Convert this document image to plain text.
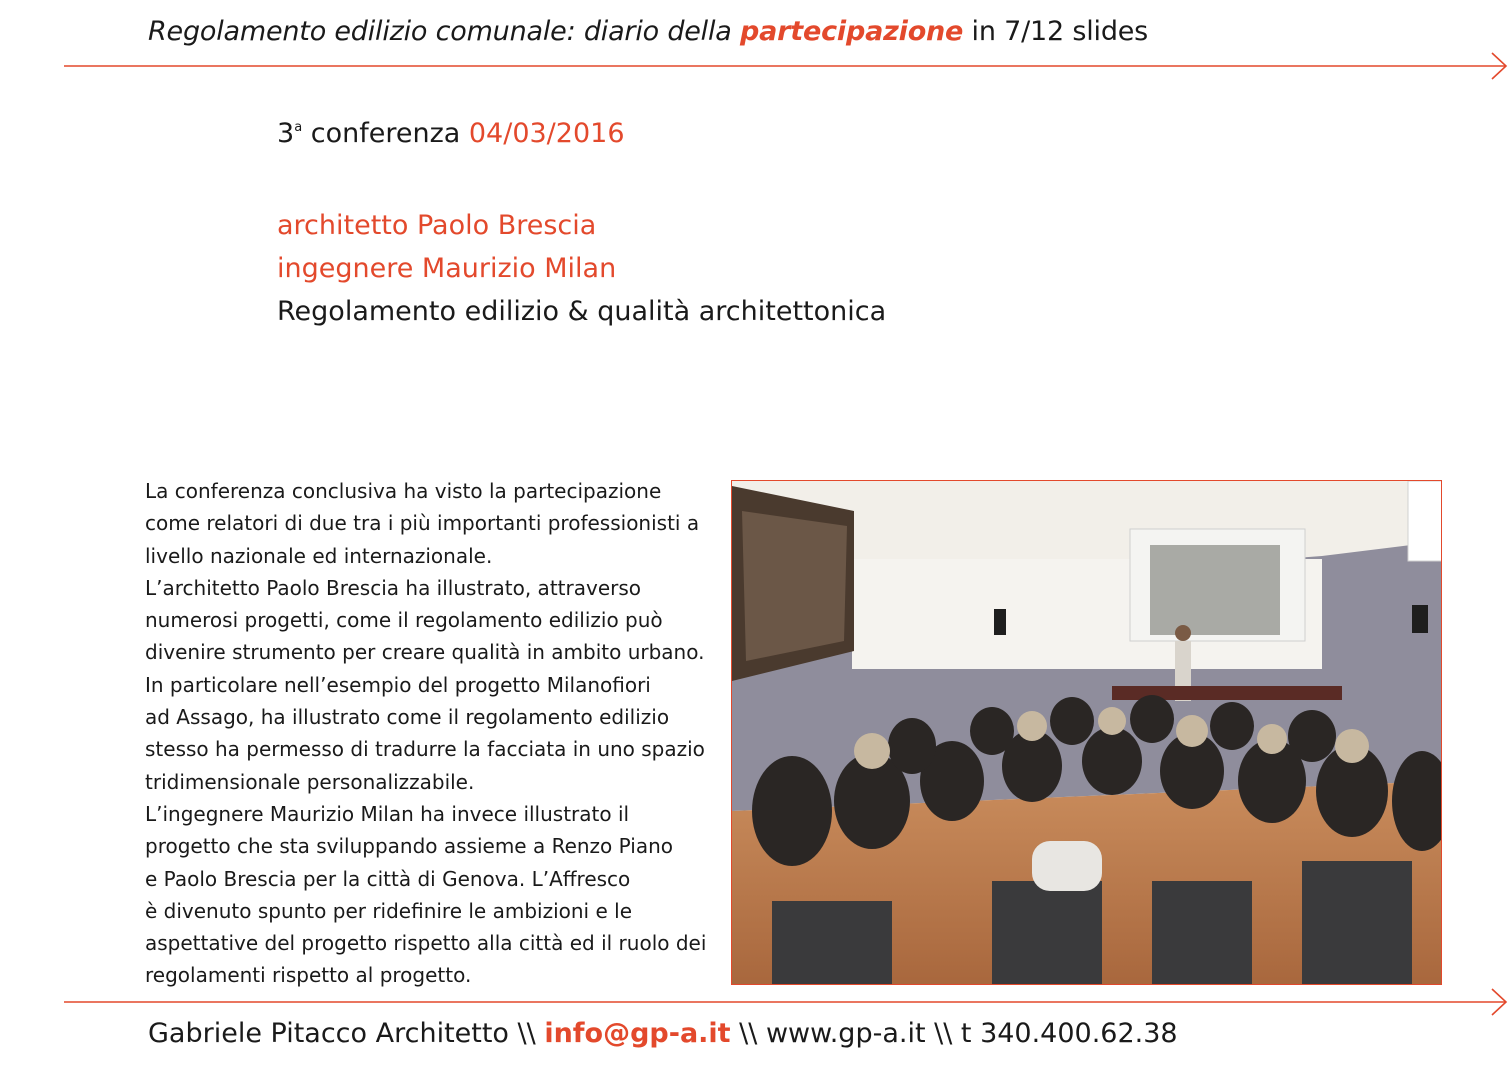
Regolamento edilizio comunale: diario della partecipazione in 7/12 slides
3$^a$ conferenza 04/03/2016
architetto Paolo Brescia
ingegnere Maurizio Milan
Regolamento edilizio & qualità architettonica

La conferenza conclusiva ha visto la partecipazione

come relatori di due tra i più importanti professionisti a

livello nazionale ed internazionale.

L’architetto Paolo Brescia ha illustrato, attraverso

numerosi progetti, come il regolamento edilizio può

divenire strumento per creare qualità in ambito urbano.

In particolare nell’esempio del progetto Milanofiori

ad Assago, ha illustrato come il regolamento edilizio

stesso ha permesso di tradurre la facciata in uno spazio

tridimensionale personalizzabile.

L’ingegnere Maurizio Milan ha invece illustrato il

progetto che sta sviluppando assieme a Renzo Piano

e Paolo Brescia per la città di Genova. L’Affresco

è divenuto spunto per ridefinire le ambizioni e le

aspettative del progetto rispetto alla città ed il ruolo dei

regolamenti rispetto al progetto.

Gabriele Pitacco Architetto \\ info@gp-a.it \\ www.gp-a.it \\ t 340.400.62.38
